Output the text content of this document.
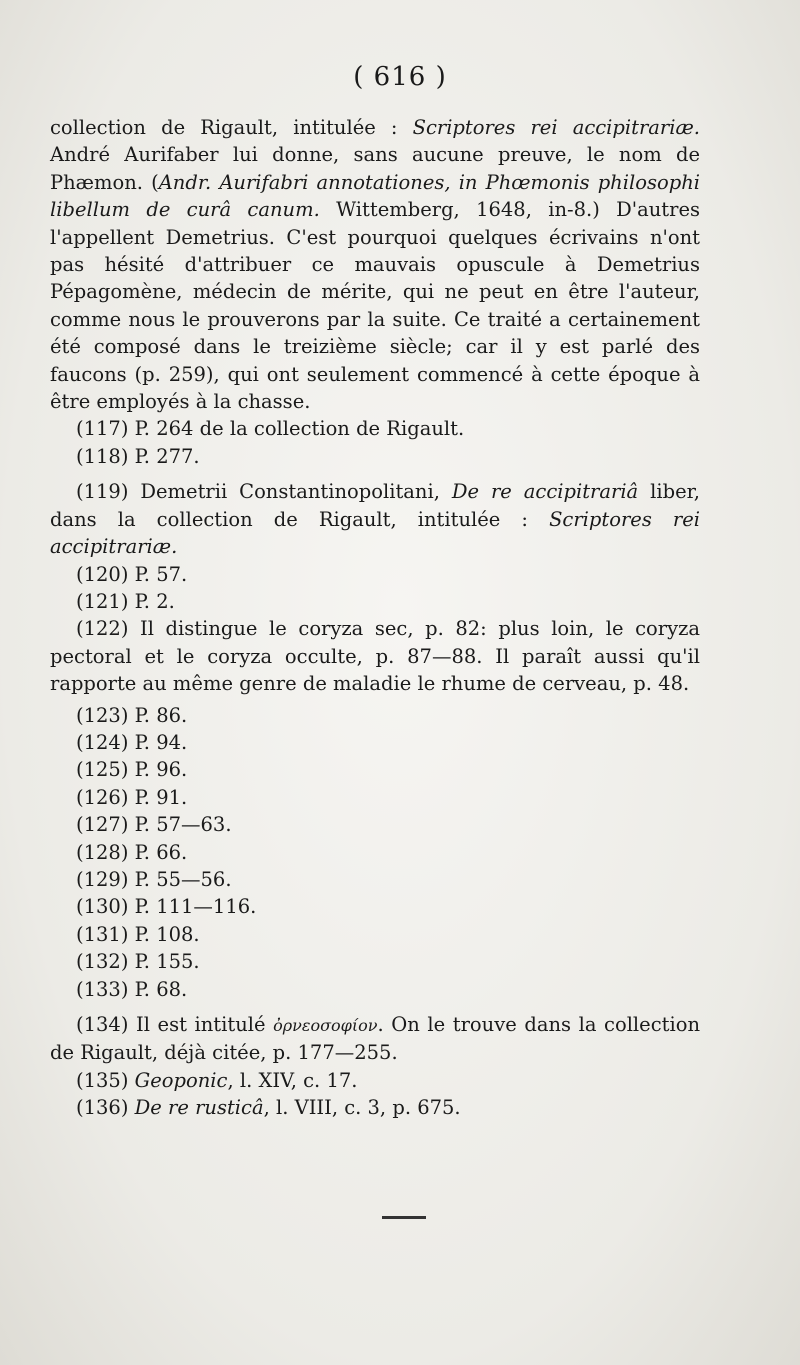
( 616 )

collection de Rigault, intitulée : Scriptores rei accipitrariæ. André Aurifaber lui donne, sans aucune preuve, le nom de Phæmon. (Andr. Aurifabri annotationes, in Phœmonis philosophi libellum de curâ canum. Wittemberg, 1648, in-8.) D'autres l'appellent Demetrius. C'est pourquoi quelques écrivains n'ont pas hésité d'attribuer ce mauvais opuscule à Demetrius Pépagomène, médecin de mérite, qui ne peut en être l'auteur, comme nous le prouverons par la suite. Ce traité a certainement été composé dans le treizième siècle; car il y est parlé des faucons (p. 259), qui ont seulement commencé à cette époque à être employés à la chasse.

(117) P. 264 de la collection de Rigault.

(118) P. 277.

(119) Demetrii Constantinopolitani, De re accipitrariâ liber, dans la collection de Rigault, intitulée : Scriptores rei accipitrariæ.

(120) P. 57.

(121) P. 2.

(122) Il distingue le coryza sec, p. 82: plus loin, le coryza pectoral et le coryza occulte, p. 87—88. Il paraît aussi qu'il rapporte au même genre de maladie le rhume de cerveau, p. 48.

(123) P. 86.

(124) P. 94.

(125) P. 96.

(126) P. 91.

(127) P. 57—63.

(128) P. 66.

(129) P. 55—56.

(130) P. 111—116.

(131) P. 108.

(132) P. 155.

(133) P. 68.

(134) Il est intitulé ὀρνεοσοφίον. On le trouve dans la collection de Rigault, déjà citée, p. 177—255.

(135) Geoponic, l. XIV, c. 17.

(136) De re rusticâ, l. VIII, c. 3, p. 675.
